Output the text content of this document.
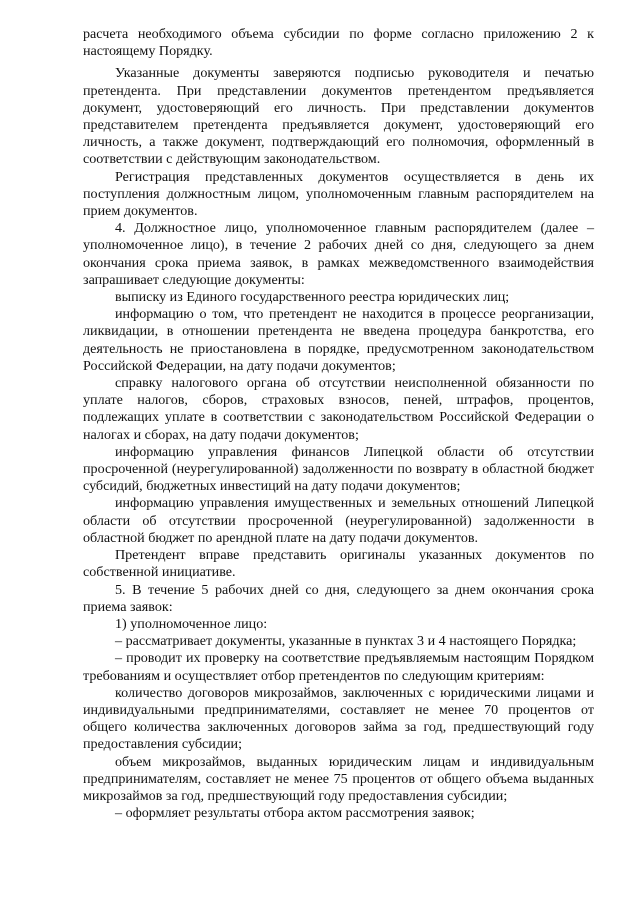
расчета необходимого объема субсидии по форме согласно приложению 2 к настоящему Порядку.

Указанные документы заверяются подписью руководителя и печатью претендента. При представлении документов претендентом предъявляется документ, удостоверяющий его личность. При представлении документов представителем претендента предъявляется документ, удостоверяющий его личность, а также документ, подтверждающий его полномочия, оформленный в соответствии с действующим законодательством.

Регистрация представленных документов осуществляется в день их поступления должностным лицом, уполномоченным главным распорядителем на прием документов.

4. Должностное лицо, уполномоченное главным распорядителем (далее – уполномоченное лицо), в течение 2 рабочих дней со дня, следующего за днем окончания срока приема заявок, в рамках межведомственного взаимодействия запрашивает следующие документы:

выписку из Единого государственного реестра юридических лиц;

информацию о том, что претендент не находится в процессе реорганизации, ликвидации, в отношении претендента не введена процедура банкротства, его деятельность не приостановлена в порядке, предусмотренном законодательством Российской Федерации, на дату подачи документов;

справку налогового органа об отсутствии неисполненной обязанности по уплате налогов, сборов, страховых взносов, пеней, штрафов, процентов, подлежащих уплате в соответствии с законодательством Российской Федерации о налогах и сборах, на дату подачи документов;

информацию управления финансов Липецкой области об отсутствии просроченной (неурегулированной) задолженности по возврату в областной бюджет субсидий, бюджетных инвестиций на дату подачи документов;

информацию управления имущественных и земельных отношений Липецкой области об отсутствии просроченной (неурегулированной) задолженности в областной бюджет по арендной плате на дату подачи документов.

Претендент вправе представить оригиналы указанных документов по собственной инициативе.

5. В течение 5 рабочих дней со дня, следующего за днем окончания срока приема заявок:

1) уполномоченное лицо:

– рассматривает документы, указанные в пунктах 3 и 4 настоящего Порядка;

– проводит их проверку на соответствие предъявляемым настоящим Порядком требованиям и осуществляет отбор претендентов по следующим критериям:

количество договоров микрозаймов, заключенных с юридическими лицами и индивидуальными предпринимателями, составляет не менее 70 процентов от общего количества заключенных договоров займа за год, предшествующий году предоставления субсидии;

объем микрозаймов, выданных юридическим лицам и индивидуальным предпринимателям, составляет не менее 75 процентов от общего объема выданных микрозаймов за год, предшествующий году предоставления субсидии;

– оформляет результаты отбора актом рассмотрения заявок;
